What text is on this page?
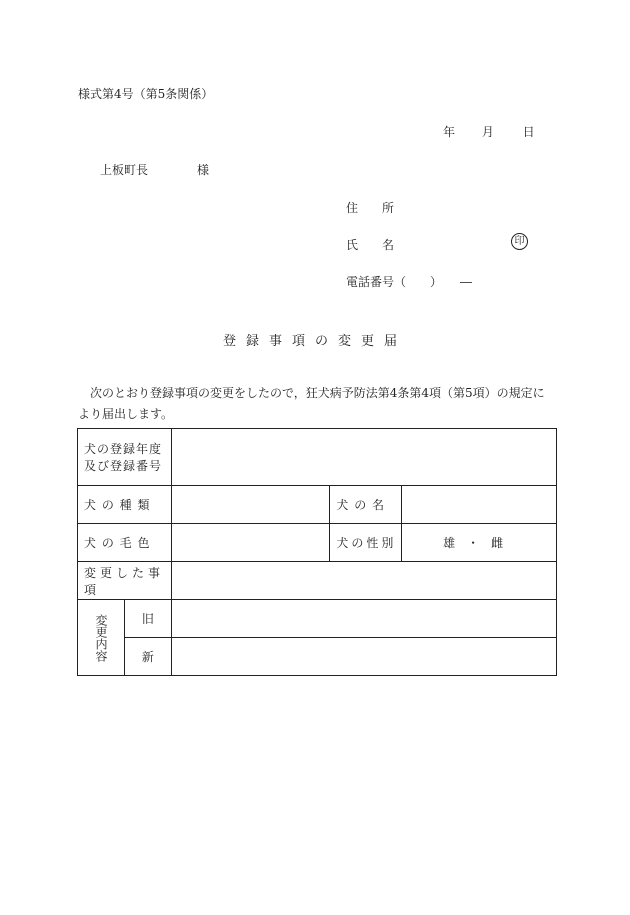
様式第4号（第5条関係）
年 月 日
上板町長	様
住　　所
氏　　名	印
電話番号（　　）　　―
登録事項の変更届
次のとおり登録事項の変更をしたので，狂犬病予防法第4条第4項（第5項）の規定により届出します。
犬の登録年度
及び登録番号				

犬 の 種 類			犬 の 名	
犬 の 毛 色			犬の性別	雄・雌
変更した事項				

変更内容	旧			
	新			
